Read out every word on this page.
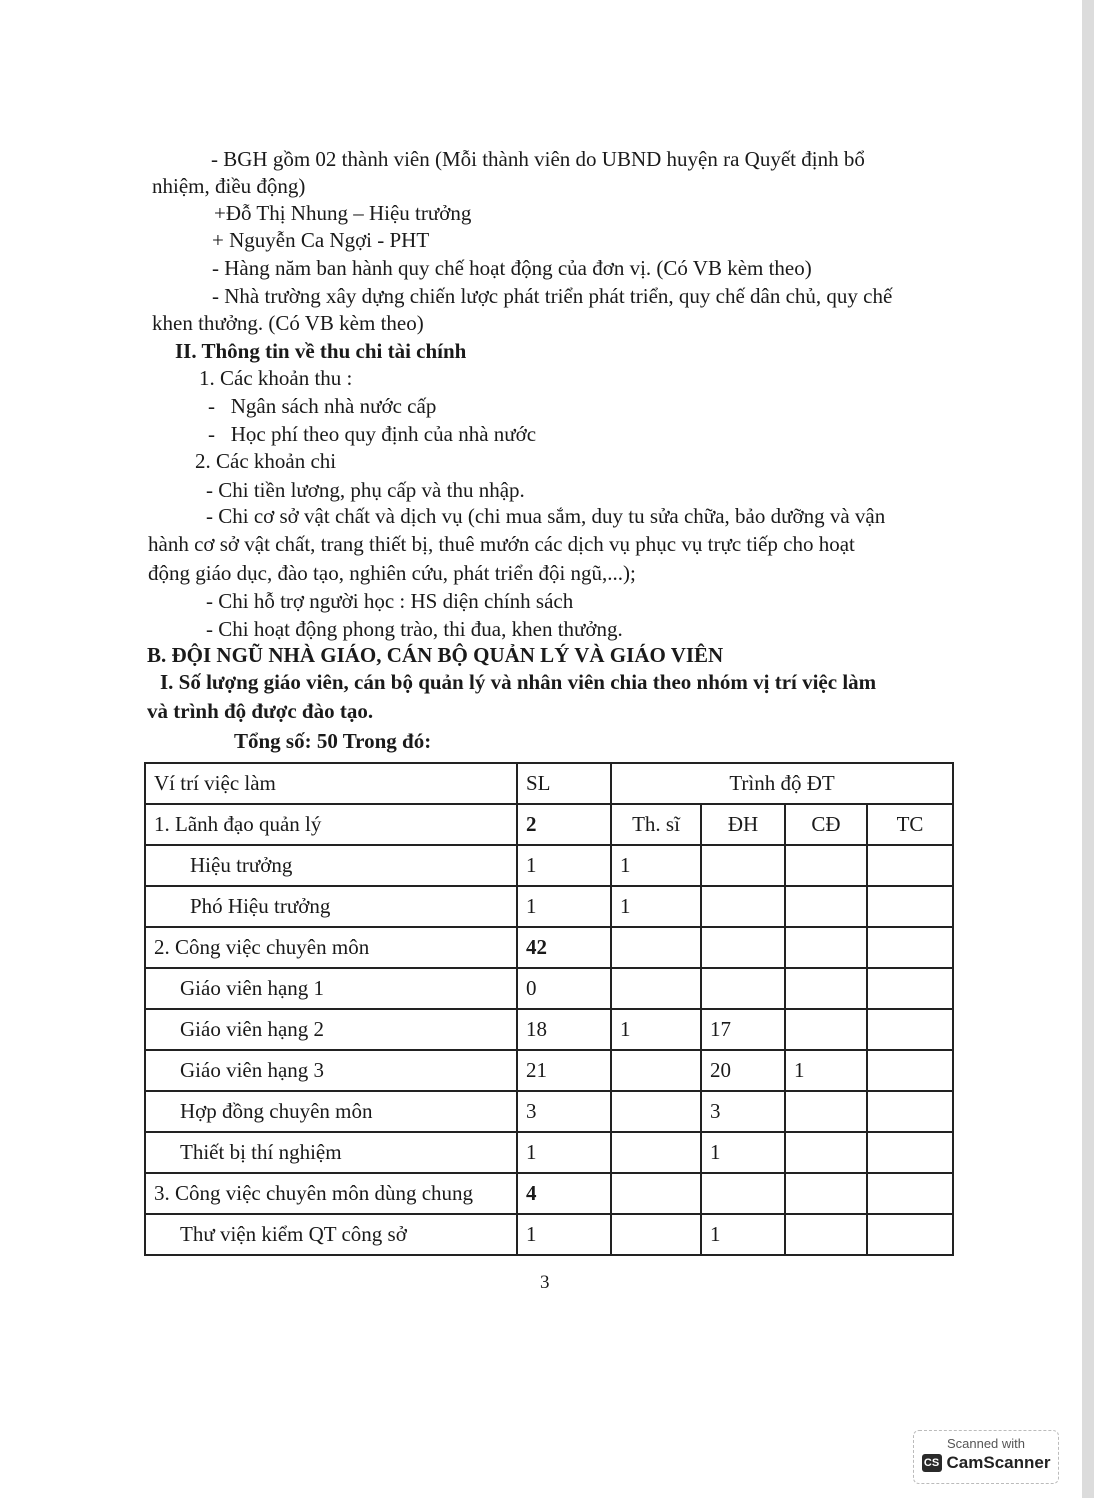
- BGH gồm 02 thành viên (Mỗi thành viên do UBND huyện ra Quyết định bổ
nhiệm, điều động)
+Đỗ Thị Nhung – Hiệu trưởng
+ Nguyễn Ca Ngợi - PHT
- Hàng năm ban hành quy chế hoạt động của đơn vị. (Có VB kèm theo)
- Nhà trường xây dựng chiến lược phát triển phát triển, quy chế dân chủ, quy chế
khen thưởng. (Có VB kèm theo)
II. Thông tin về thu chi tài chính
1. Các khoản thu :
-   Ngân sách nhà nước cấp
-   Học phí theo quy định của nhà nước
2. Các khoản chi
- Chi tiền lương, phụ cấp và thu nhập.
- Chi cơ sở vật chất và dịch vụ (chi mua sắm, duy tu sửa chữa, bảo dưỡng và vận
hành cơ sở vật chất, trang thiết bị, thuê mướn các dịch vụ phục vụ trực tiếp cho hoạt
động giáo dục, đào tạo, nghiên cứu, phát triển đội ngũ,...);
- Chi hỗ trợ người học : HS diện chính sách
- Chi hoạt động phong trào, thi đua, khen thưởng.
B. ĐỘI NGŨ NHÀ GIÁO, CÁN BỘ QUẢN LÝ VÀ GIÁO VIÊN
I. Số lượng giáo viên, cán bộ quản lý và nhân viên chia theo nhóm vị trí việc làm
và trình độ được đào tạo.
Tổng số: 50 Trong đó:
Ví trí việc làm	SL	Trình độ ĐT			
1. Lãnh đạo quản lý	2	Th. sĩ	ĐH	CĐ	TC
Hiệu trưởng	1	1			
Phó Hiệu trưởng	1	1			
2. Công việc chuyên môn	42				
Giáo viên hạng 1	0				
Giáo viên hạng 2	18	1	17		
Giáo viên hạng 3	21		20	1	
Hợp đồng chuyên môn	3		3		
Thiết bị thí nghiệm	1		1		
3. Công việc chuyên môn dùng chung	4				
Thư viện kiểm QT công sở	1		1		
3
Scanned with
CS CamScanner
